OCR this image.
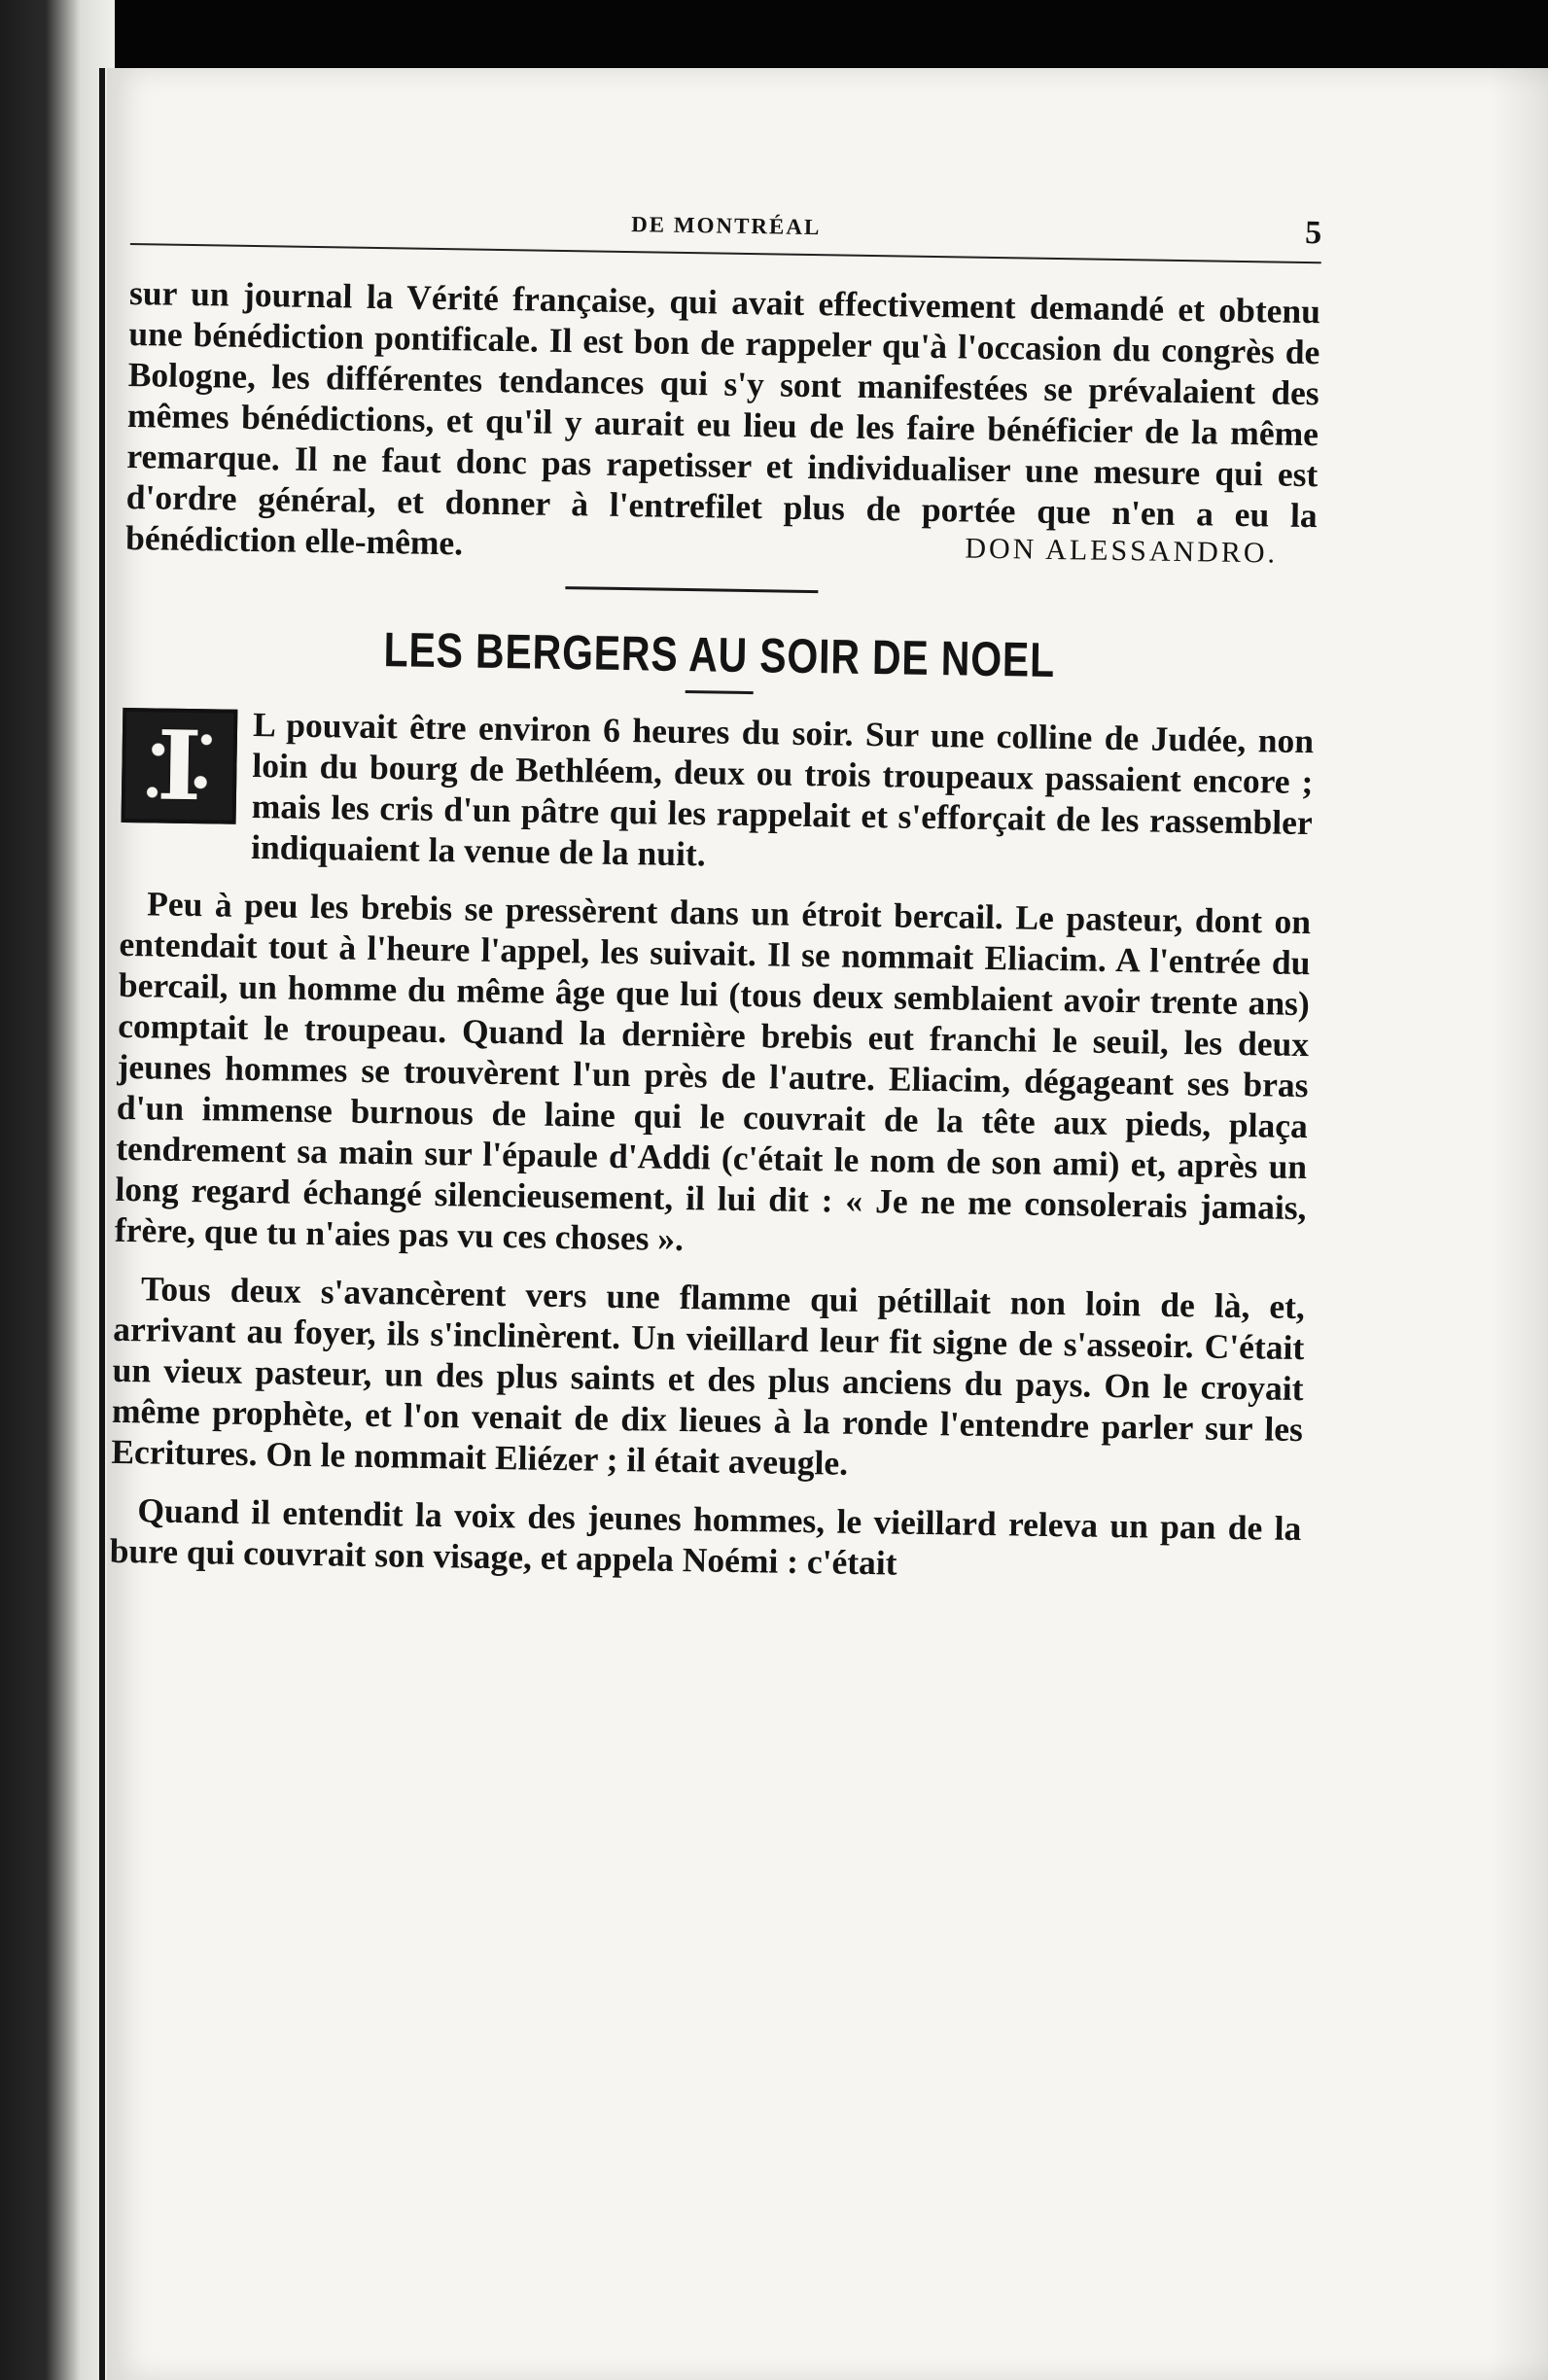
DE MONTRÉAL	5

sur un journal la Vérité française, qui avait effectivement demandé et obtenu une bénédiction pontificale. Il est bon de rappeler qu'à l'occasion du congrès de Bologne, les différentes tendances qui s'y sont manifestées se prévalaient des mêmes bénédictions, et qu'il y aurait eu lieu de les faire bénéficier de la même remarque. Il ne faut donc pas rapetisser et individualiser une mesure qui est d'ordre général, et donner à l'entrefilet plus de portée que n'en a eu la bénédiction elle-même.	DON ALESSANDRO.
LES BERGERS AU SOIR DE NOEL
I	L pouvait être environ 6 heures du soir. Sur une colline de Judée, non loin du bourg de Bethléem, deux ou trois troupeaux passaient encore ; mais les cris d'un pâtre qui les rappelait et s'efforçait de les rassembler indiquaient la venue de la nuit.

Peu à peu les brebis se pressèrent dans un étroit bercail. Le pasteur, dont on entendait tout à l'heure l'appel, les suivait. Il se nommait Eliacim. A l'entrée du bercail, un homme du même âge que lui (tous deux semblaient avoir trente ans) comptait le troupeau. Quand la dernière brebis eut franchi le seuil, les deux jeunes hommes se trouvèrent l'un près de l'autre. Eliacim, dégageant ses bras d'un immense burnous de laine qui le couvrait de la tête aux pieds, plaça tendrement sa main sur l'épaule d'Addi (c'était le nom de son ami) et, après un long regard échangé silencieusement, il lui dit : « Je ne me consolerais jamais, frère, que tu n'aies pas vu ces choses ».

Tous deux s'avancèrent vers une flamme qui pétillait non loin de là, et, arrivant au foyer, ils s'inclinèrent. Un vieillard leur fit signe de s'asseoir. C'était un vieux pasteur, un des plus saints et des plus anciens du pays. On le croyait même prophète, et l'on venait de dix lieues à la ronde l'entendre parler sur les Ecritures. On le nommait Eliézer ; il était aveugle.

Quand il entendit la voix des jeunes hommes, le vieillard releva un pan de la bure qui couvrait son visage, et appela Noémi : c'était
